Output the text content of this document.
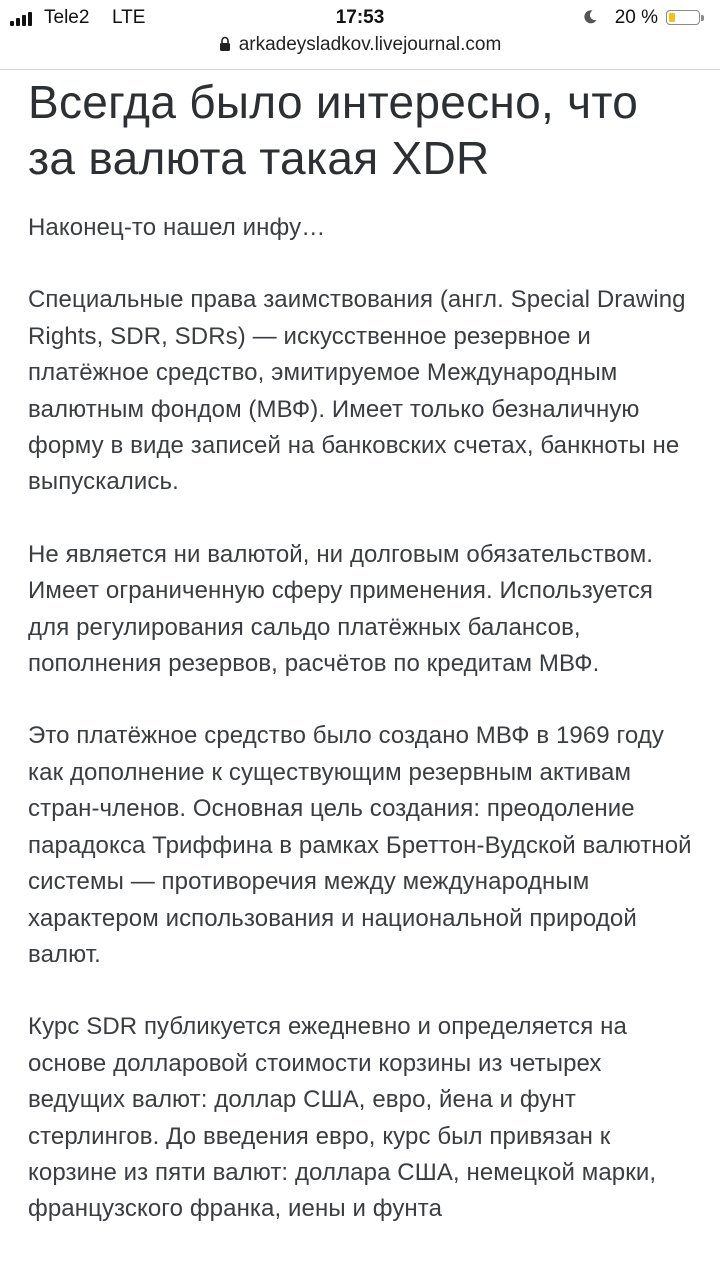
Tele2 LTE	17:53	20 %
arkadeysladkov.livejournal.com
Всегда было интересно, что за валюта такая XDR

Наконец-то нашел инфу…

Специальные права заимствования (англ. Special Drawing Rights, SDR, SDRs) — искусственное резервное и платёжное средство, эмитируемое Международным валютным фондом (МВФ). Имеет только безналичную форму в виде записей на банковских счетах, банкноты не выпускались.

Не является ни валютой, ни долговым обязательством. Имеет ограниченную сферу применения. Используется для регулирования сальдо платёжных балансов, пополнения резервов, расчётов по кредитам МВФ.

Это платёжное средство было создано МВФ в 1969 году как дополнение к существующим резервным активам стран-членов. Основная цель создания: преодоление парадокса Триффина в рамках Бреттон-Вудской валютной системы — противоречия между международным характером использования и национальной природой валют.

Курс SDR публикуется ежедневно и определяется на основе долларовой стоимости корзины из четырех ведущих валют: доллар США, евро, йена и фунт стерлингов. До введения евро, курс был привязан к корзине из пяти валют: доллара США, немецкой марки, французского франка, иены и фунта
